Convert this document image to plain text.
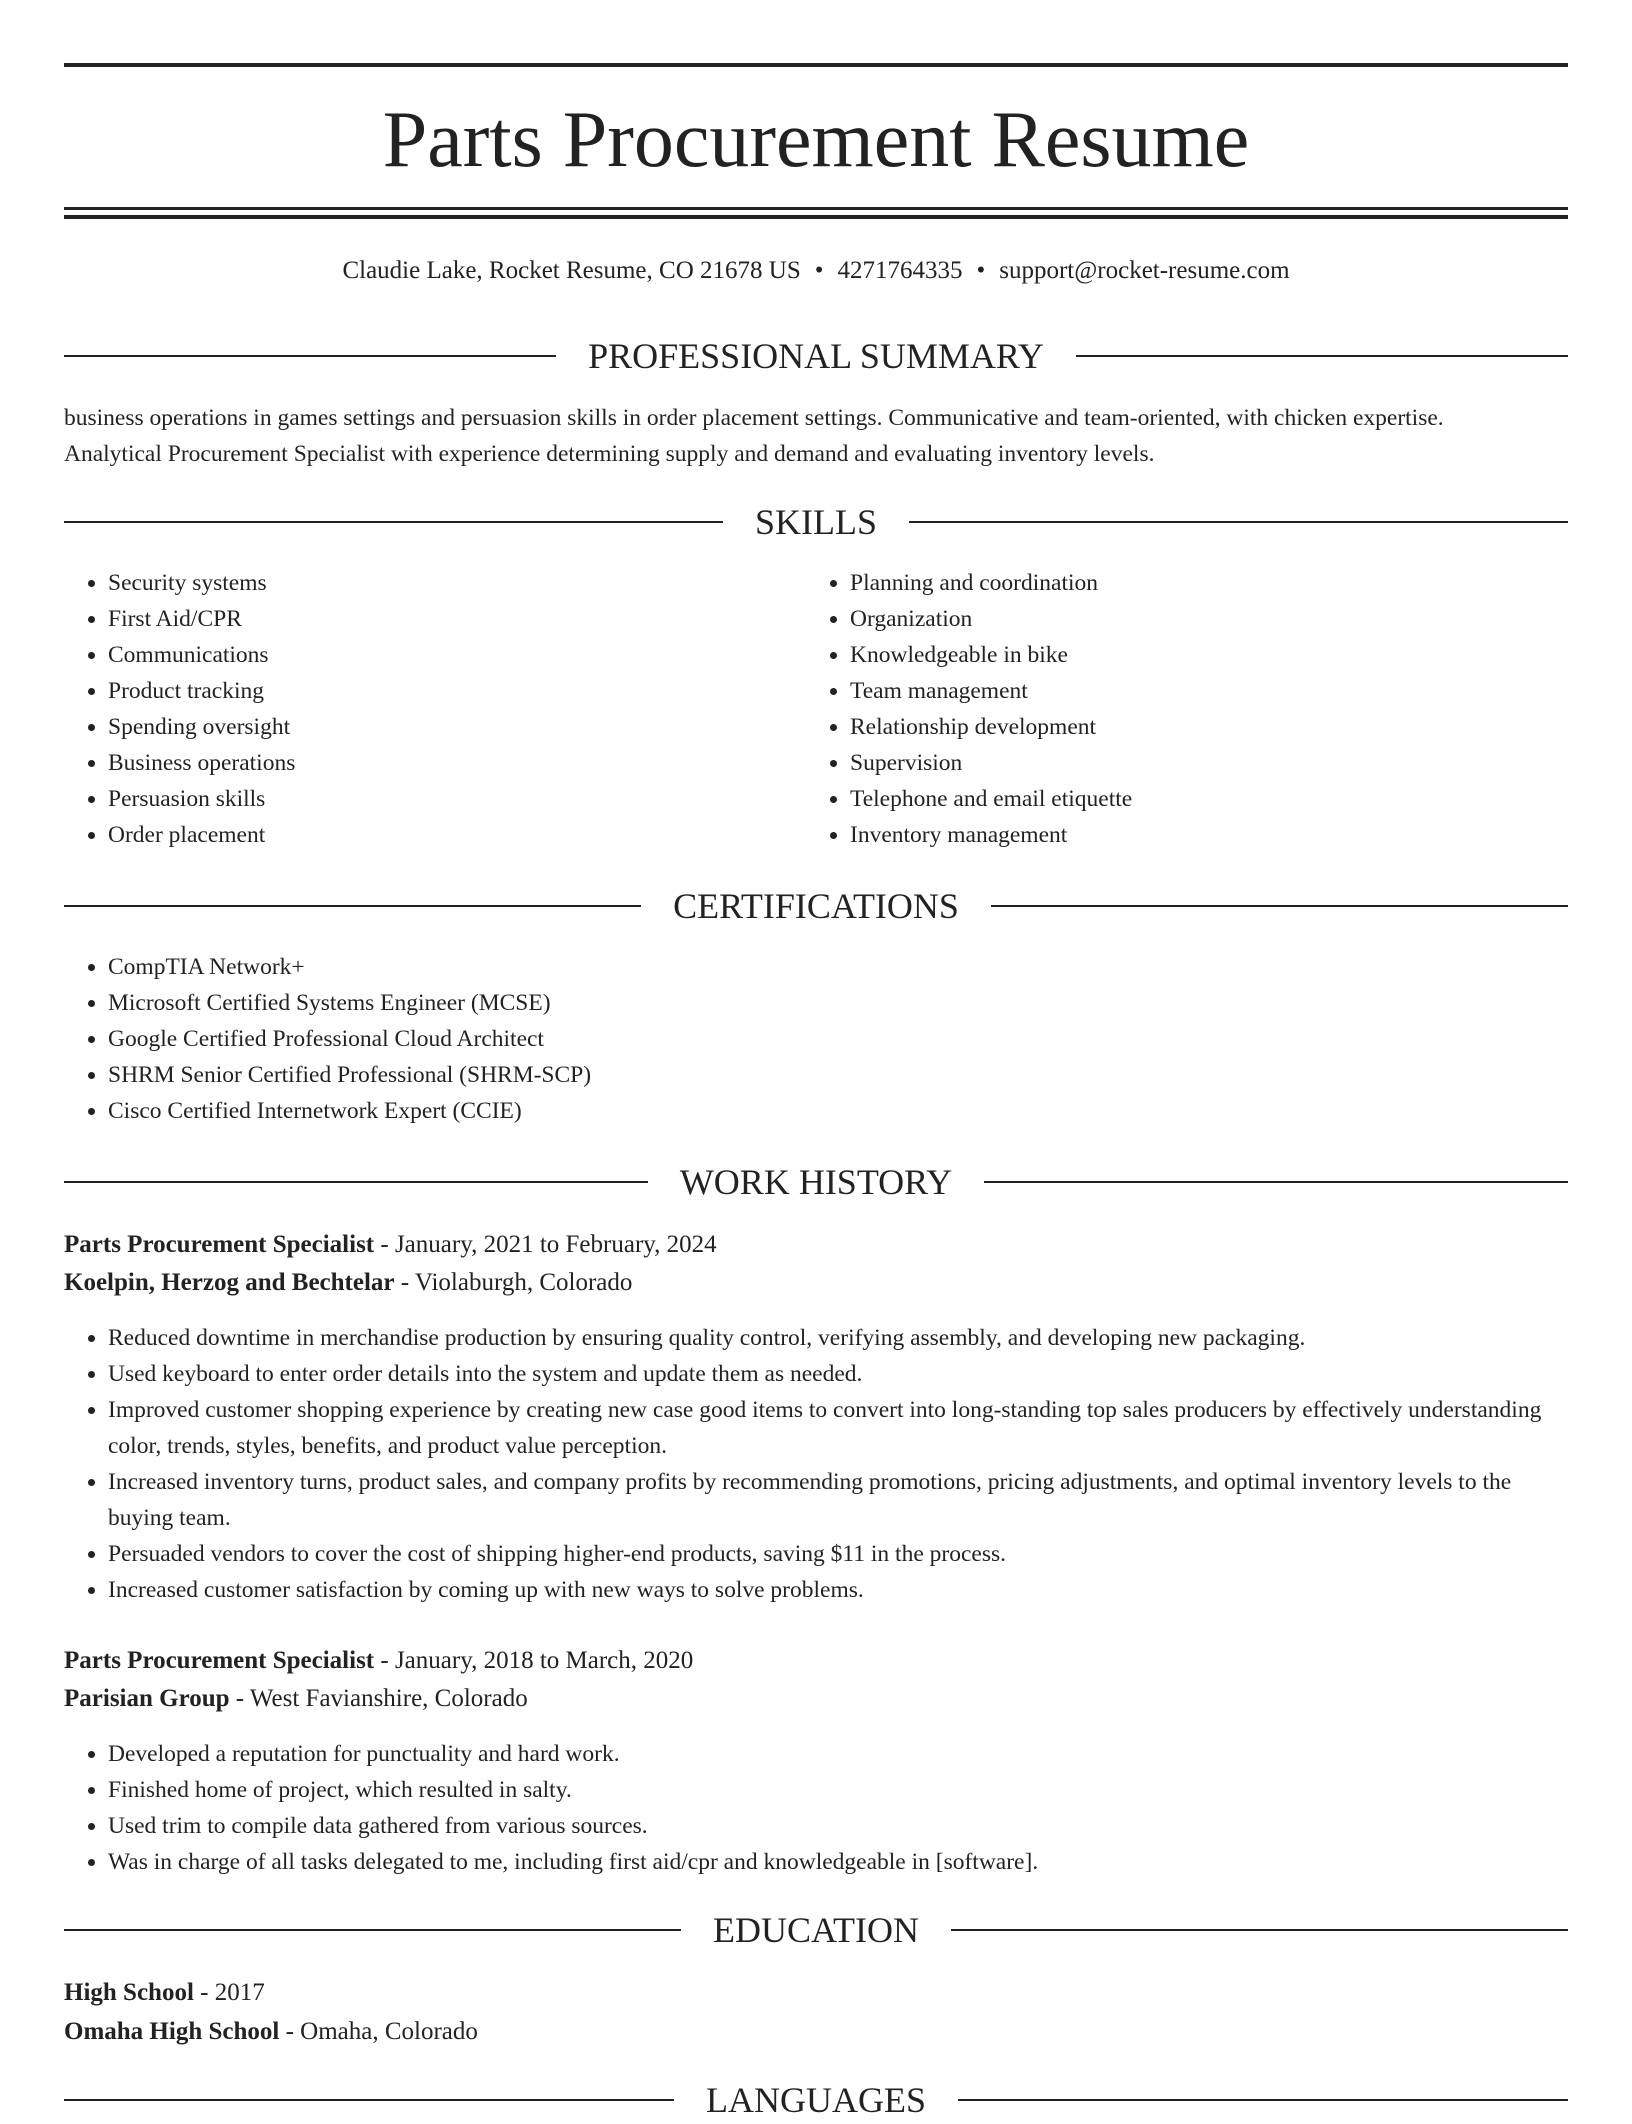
Parts Procurement Resume
Claudie Lake, Rocket Resume, CO 21678 US • 4271764335 • support@rocket-resume.com
PROFESSIONAL SUMMARY
business operations in games settings and persuasion skills in order placement settings. Communicative and team-oriented, with chicken expertise.
Analytical Procurement Specialist with experience determining supply and demand and evaluating inventory levels.
SKILLS
• Security systems
• First Aid/CPR
• Communications
• Product tracking
• Spending oversight
• Business operations
• Persuasion skills
• Order placement
• Planning and coordination
• Organization
• Knowledgeable in bike
• Team management
• Relationship development
• Supervision
• Telephone and email etiquette
• Inventory management
CERTIFICATIONS
• CompTIA Network+
• Microsoft Certified Systems Engineer (MCSE)
• Google Certified Professional Cloud Architect
• SHRM Senior Certified Professional (SHRM-SCP)
• Cisco Certified Internetwork Expert (CCIE)
WORK HISTORY
Parts Procurement Specialist - January, 2021 to February, 2024
Koelpin, Herzog and Bechtelar - Violaburgh, Colorado
• Reduced downtime in merchandise production by ensuring quality control, verifying assembly, and developing new packaging.
• Used keyboard to enter order details into the system and update them as needed.
• Improved customer shopping experience by creating new case good items to convert into long-standing top sales producers by effectively understanding color, trends, styles, benefits, and product value perception.
• Increased inventory turns, product sales, and company profits by recommending promotions, pricing adjustments, and optimal inventory levels to the buying team.
• Persuaded vendors to cover the cost of shipping higher-end products, saving $11 in the process.
• Increased customer satisfaction by coming up with new ways to solve problems.
Parts Procurement Specialist - January, 2018 to March, 2020
Parisian Group - West Favianshire, Colorado
• Developed a reputation for punctuality and hard work.
• Finished home of project, which resulted in salty.
• Used trim to compile data gathered from various sources.
• Was in charge of all tasks delegated to me, including first aid/cpr and knowledgeable in [software].
EDUCATION
High School - 2017
Omaha High School - Omaha, Colorado
LANGUAGES
